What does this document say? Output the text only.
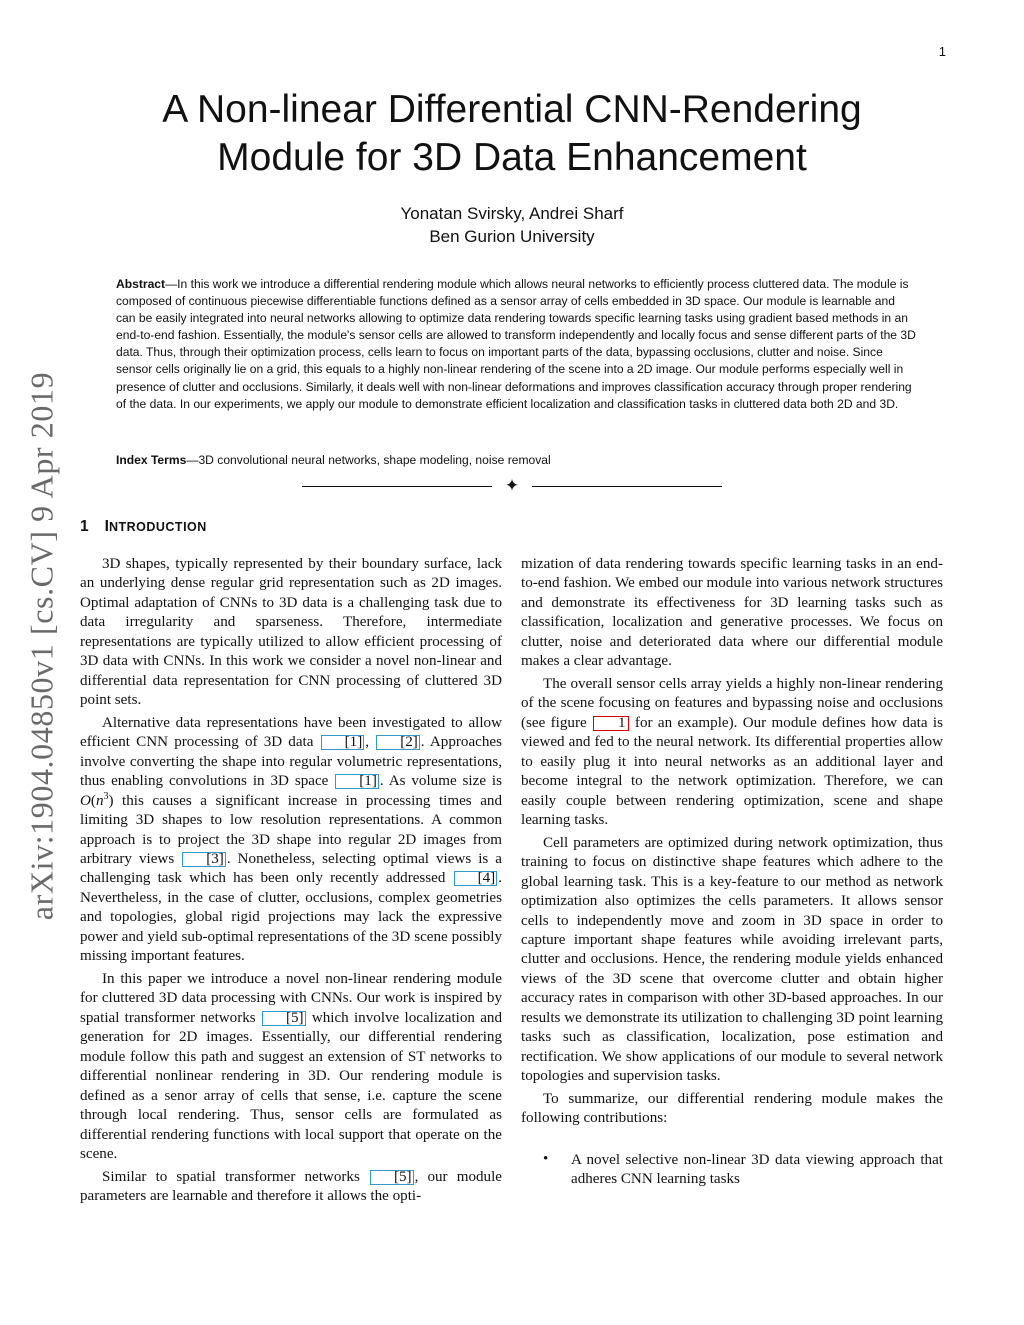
1
arXiv:1904.04850v1 [cs.CV] 9 Apr 2019
A Non-linear Differential CNN-Rendering
Module for 3D Data Enhancement
Yonatan Svirsky, Andrei Sharf
Ben Gurion University

Abstract—In this work we introduce a differential rendering module which allows neural networks to efficiently process cluttered data. The module is composed of continuous piecewise differentiable functions defined as a sensor array of cells embedded in 3D space. Our module is learnable and can be easily integrated into neural networks allowing to optimize data rendering towards specific learning tasks using gradient based methods in an end-to-end fashion. Essentially, the module's sensor cells are allowed to transform independently and locally focus and sense different parts of the 3D data. Thus, through their optimization process, cells learn to focus on important parts of the data, bypassing occlusions, clutter and noise. Since sensor cells originally lie on a grid, this equals to a highly non-linear rendering of the scene into a 2D image. Our module performs especially well in presence of clutter and occlusions. Similarly, it deals well with non-linear deformations and improves classification accuracy through proper rendering of the data. In our experiments, we apply our module to demonstrate efficient localization and classification tasks in cluttered data both 2D and 3D.

Index Terms—3D convolutional neural networks, shape modeling, noise removal
✦
1 INTRODUCTION

3D shapes, typically represented by their boundary surface, lack an underlying dense regular grid representation such as 2D images. Optimal adaptation of CNNs to 3D data is a challenging task due to data irregularity and sparseness. Therefore, intermediate representations are typically utilized to allow efficient processing of 3D data with CNNs. In this work we consider a novel non-linear and differential data representation for CNN processing of cluttered 3D point sets.

Alternative data representations have been investigated to allow efficient CNN processing of 3D data [1] , [2] . Approaches involve converting the shape into regular volumetric representations, thus enabling convolutions in 3D space [1] . As volume size is $O(n^3)$ this causes a significant increase in processing times and limiting 3D shapes to low resolution representations. A common approach is to project the 3D shape into regular 2D images from arbitrary views [3] . Nonetheless, selecting optimal views is a challenging task which has been only recently addressed [4] . Nevertheless, in the case of clutter, occlusions, complex geometries and topologies, global rigid projections may lack the expressive power and yield sub-optimal representations of the 3D scene possibly missing important features.

In this paper we introduce a novel non-linear rendering module for cluttered 3D data processing with CNNs. Our work is inspired by spatial transformer networks [5] which involve localization and generation for 2D images. Essentially, our differential rendering module follow this path and suggest an extension of ST networks to differential nonlinear rendering in 3D. Our rendering module is defined as a senor array of cells that sense, i.e. capture the scene through local rendering. Thus, sensor cells are formulated as differential rendering functions with local support that operate on the scene.

Similar to spatial transformer networks [5] , our module parameters are learnable and therefore it allows the opti-

mization of data rendering towards specific learning tasks in an end-to-end fashion. We embed our module into various network structures and demonstrate its effectiveness for 3D learning tasks such as classification, localization and generative processes. We focus on clutter, noise and deteriorated data where our differential module makes a clear advantage.

The overall sensor cells array yields a highly non-linear rendering of the scene focusing on features and bypassing noise and occlusions (see figure 1 for an example). Our module defines how data is viewed and fed to the neural network. Its differential properties allow to easily plug it into neural networks as an additional layer and become integral to the network optimization. Therefore, we can easily couple between rendering optimization, scene and shape learning tasks.

Cell parameters are optimized during network optimization, thus training to focus on distinctive shape features which adhere to the global learning task. This is a key-feature to our method as network optimization also optimizes the cells parameters. It allows sensor cells to independently move and zoom in 3D space in order to capture important shape features while avoiding irrelevant parts, clutter and occlusions. Hence, the rendering module yields enhanced views of the 3D scene that overcome clutter and obtain higher accuracy rates in comparison with other 3D-based approaches. In our results we demonstrate its utilization to challenging 3D point learning tasks such as classification, localization, pose estimation and rectification. We show applications of our module to several network topologies and supervision tasks.

To summarize, our differential rendering module makes the following contributions:

• A novel selective non-linear 3D data viewing approach that adheres CNN learning tasks
